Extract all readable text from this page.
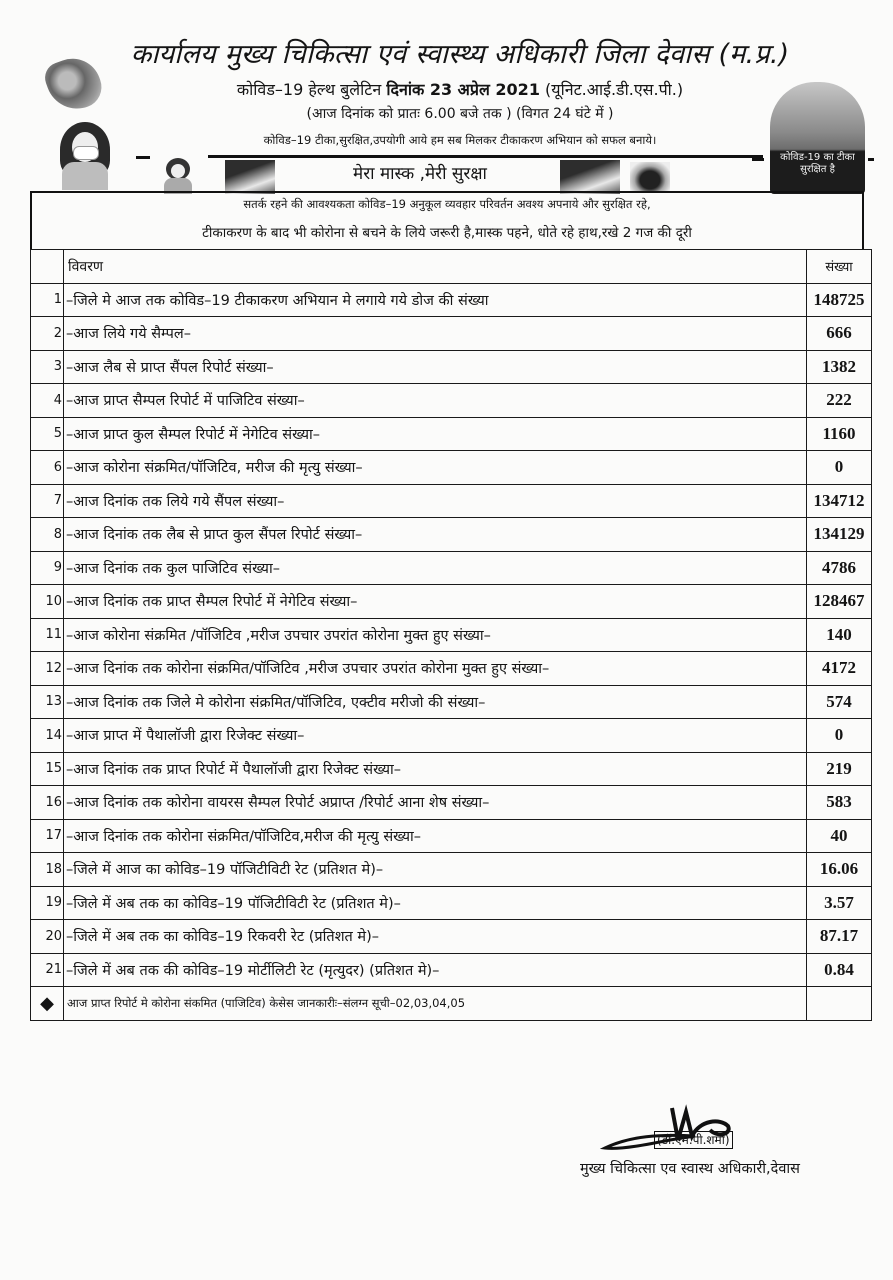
कार्यालय मुख्य चिकित्सा एवं स्वास्थ्य अधिकारी जिला देवास (म.प्र.)
कोविड–19 हेल्थ बुलेटिन दिनांक 23 अप्रेल 2021 (यूनिट.आई.डी.एस.पी.)
(आज दिनांक को प्रातः 6.00 बजे तक ) (विगत 24 घंटे में )
कोविड–19 टीका,सुरक्षित,उपयोगी आये हम सब मिलकर टीकाकरण अभियान को सफल बनाये।
कोविड-19 का टीका सुरक्षित है
मेरा मास्क ,मेरी सुरक्षा
सतर्क रहने की आवश्यकता कोविड–19 अनुकूल व्यवहार परिवर्तन अवश्य अपनाये और सुरक्षित रहे,
टीकाकरण के बाद भी कोरोना से बचने के लिये जरूरी है,मास्क पहने, धोते रहे हाथ,रखे 2 गज की दूरी
	विवरण	संख्या
1	–जिले मे आज तक कोविड–19 टीकाकरण अभियान मे लगाये गये डोज की संख्या	148725
2	–आज लिये गये सैम्पल–	666
3	–आज लैब से प्राप्त सैंपल रिपोर्ट संख्या–	1382
4	–आज प्राप्त सैम्पल रिपोर्ट में पाजिटिव संख्या–	222
5	–आज प्राप्त कुल सैम्पल रिपोर्ट में नेगेटिव संख्या–	1160
6	–आज कोरोना संक्रमित/पॉजिटिव, मरीज की मृत्यु संख्या–	0
7	–आज दिनांक तक लिये गये सैंपल संख्या–	134712
8	–आज दिनांक तक लैब से प्राप्त कुल सैंपल रिपोर्ट संख्या–	134129
9	–आज दिनांक तक कुल पाजिटिव संख्या–	4786
10	–आज दिनांक तक प्राप्त सैम्पल रिपोर्ट में नेगेटिव संख्या–	128467
11	–आज कोरोना संक्रमित /पॉजिटिव ,मरीज उपचार उपरांत कोरोना मुक्त हुए संख्या–	140
12	–आज दिनांक तक कोरोना संक्रमित/पॉजिटिव ,मरीज उपचार उपरांत कोरोना मुक्त हुए संख्या–	4172
13	–आज दिनांक तक जिले मे कोरोना संक्रमित/पॉजिटिव, एक्टीव मरीजो की संख्या–	574
14	–आज प्राप्त में पैथालॉजी द्वारा रिजेक्ट संख्या–	0
15	–आज दिनांक तक प्राप्त रिपोर्ट में पैथालॉजी द्वारा रिजेक्ट संख्या–	219
16	–आज दिनांक तक कोरोना वायरस सैम्पल रिपोर्ट अप्राप्त /रिपोर्ट आना शेष संख्या–	583
17	–आज दिनांक तक कोरोना संक्रमित/पॉजिटिव,मरीज की मृत्यु संख्या–	40
18	–जिले में आज का कोविड–19 पॉजिटीविटी रेट (प्रतिशत मे)–	16.06
19	–जिले में अब तक का कोविड–19 पॉजिटीविटी रेट (प्रतिशत मे)–	3.57
20	–जिले में अब तक का कोविड–19 रिकवरी रेट (प्रतिशत मे)–	87.17
21	–जिले में अब तक की कोविड–19 मोर्टीलिटी रेट (मृत्युदर) (प्रतिशत मे)–	0.84
◆	आज प्राप्त रिपोर्ट मे कोरोना संकमित (पाजिटिव) केसेस जानकारीः–संलग्न सूची–02,03,04,05	
(डॉ.एम.पी.शर्मा)
मुख्य चिकित्सा एव स्वास्थ अधिकारी,देवास
